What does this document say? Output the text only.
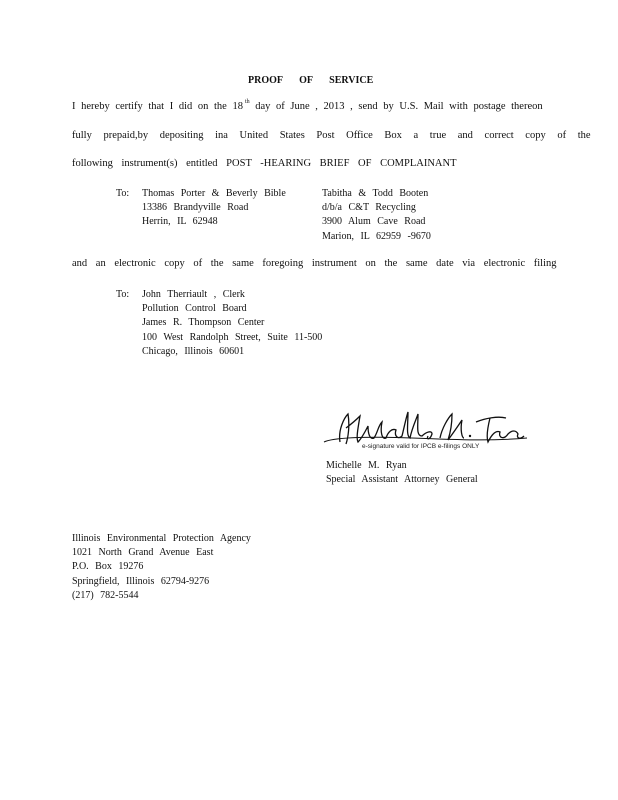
PROOF OF SERVICE
I hereby certify that I did on the 18 $^{th}$ day of June , 2013 , send by U.S. Mail with postage thereon
fully prepaid,by depositing ina United States Post Office Box a true and correct copy of the
following instrument(s) entitled POST -HEARING BRIEF OF COMPLAINANT
To: Thomas Porter & Beverly Bible
13386 Brandyville Road
Herrin, IL 62948
Tabitha & Todd Booten
d/b/a C&T Recycling
3900 Alum Cave Road
Marion, IL 62959 -9670
and an electronic copy of the same foregoing instrument on the same date via electronic filing
To: John Therriault , Clerk
Pollution Control Board
James R. Thompson Center
100 West Randolph Street, Suite 11-500
Chicago, Illinois 60601
e-signature valid for IPCB e-filings ONLY
Michelle M. Ryan
Special Assistant Attorney General
Illinois Environmental Protection Agency
1021 North Grand Avenue East
P.O. Box 19276
Springfield, Illinois 62794-9276
(217) 782-5544
